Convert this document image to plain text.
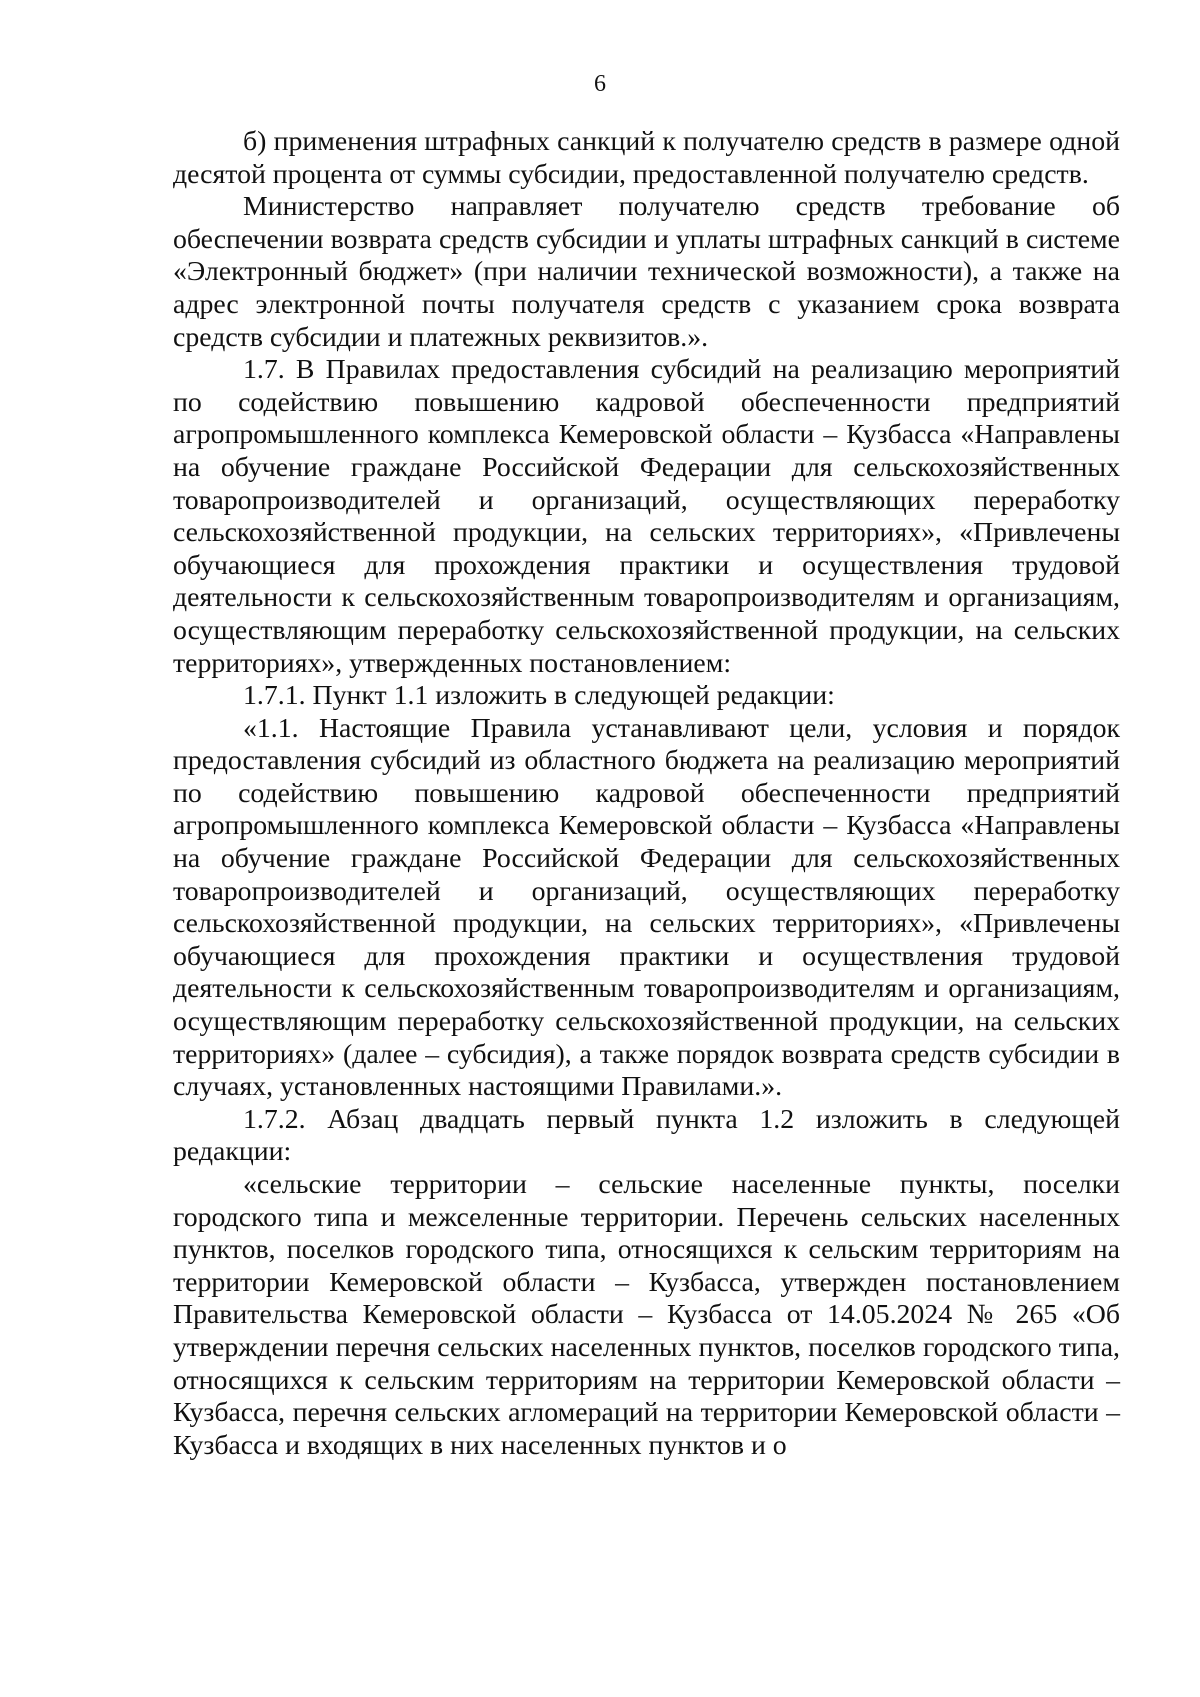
6

б) применения штрафных санкций к получателю средств в размере одной десятой процента от суммы субсидии, предоставленной получателю средств.

Министерство направляет получателю средств требование об обеспечении возврата средств субсидии и уплаты штрафных санкций в системе «Электронный бюджет» (при наличии технической возможности), а также на адрес электронной почты получателя средств с указанием срока возврата средств субсидии и платежных реквизитов.».

1.7. В Правилах предоставления субсидий на реализацию мероприятий по содействию повышению кадровой обеспеченности предприятий агропромышленного комплекса Кемеровской области – Кузбасса «Направлены на обучение граждане Российской Федерации для сельскохозяйственных товаропроизводителей и организаций, осуществляющих переработку сельскохозяйственной продукции, на сельских территориях», «Привлечены обучающиеся для прохождения практики и осуществления трудовой деятельности к сельскохозяйственным товаропроизводителям и организациям, осуществляющим переработку сельскохозяйственной продукции, на сельских территориях», утвержденных постановлением:

1.7.1. Пункт 1.1 изложить в следующей редакции:

«1.1. Настоящие Правила устанавливают цели, условия и порядок предоставления субсидий из областного бюджета на реализацию мероприятий по содействию повышению кадровой обеспеченности предприятий агропромышленного комплекса Кемеровской области – Кузбасса «Направлены на обучение граждане Российской Федерации для сельскохозяйственных товаропроизводителей и организаций, осуществляющих переработку сельскохозяйственной продукции, на сельских территориях», «Привлечены обучающиеся для прохождения практики и осуществления трудовой деятельности к сельскохозяйственным товаропроизводителям и организациям, осуществляющим переработку сельскохозяйственной продукции, на сельских территориях» (далее – субсидия), а также порядок возврата средств субсидии в случаях, установленных настоящими Правилами.».

1.7.2. Абзац двадцать первый пункта 1.2 изложить в следующей редакции:

«сельские территории – сельские населенные пункты, поселки городского типа и межселенные территории. Перечень сельских населенных пунктов, поселков городского типа, относящихся к сельским территориям на территории Кемеровской области – Кузбасса, утвержден постановлением Правительства Кемеровской области – Кузбасса от 14.05.2024 № 265 «Об утверждении перечня сельских населенных пунктов, поселков городского типа, относящихся к сельским территориям на территории Кемеровской области – Кузбасса, перечня сельских агломераций на территории Кемеровской области – Кузбасса и входящих в них населенных пунктов и о
